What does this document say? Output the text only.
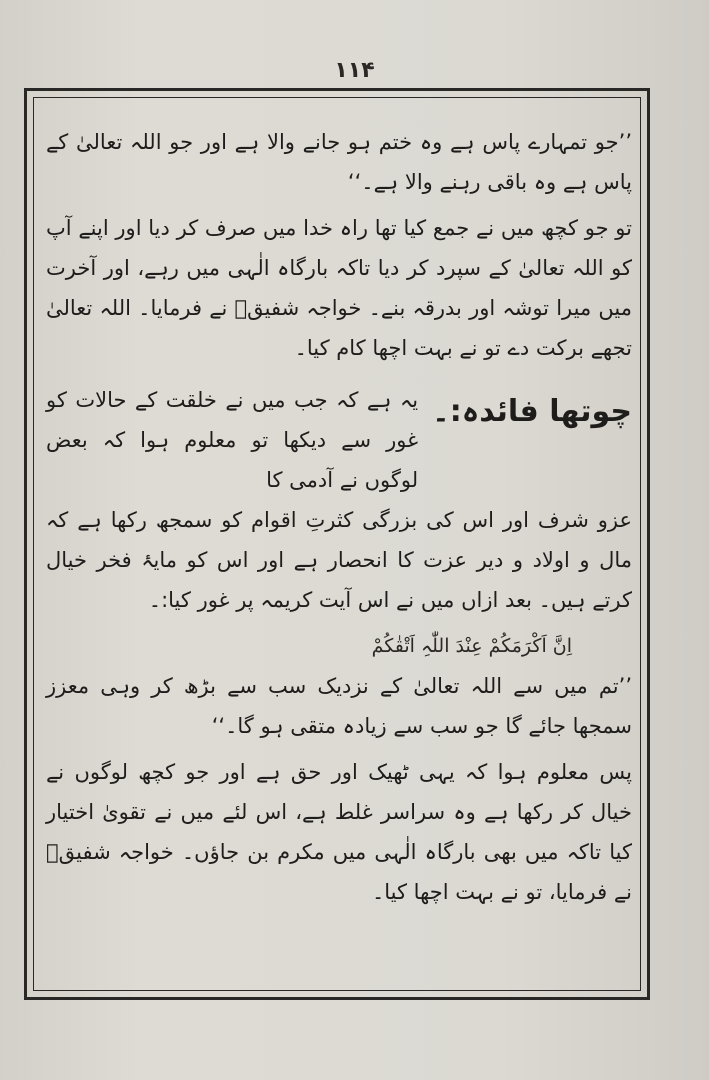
۱۱۴

’’جو تمہارے پاس ہے وہ ختم ہو جانے والا ہے اور جو اللہ تعالیٰ کے پاس ہے وہ باقی رہنے والا ہے۔‘‘

تو جو کچھ میں نے جمع کیا تھا راہ خدا میں صرف کر دیا اور اپنے آپ کو اللہ تعالیٰ کے سپرد کر دیا تاکہ بارگاہ الٰہی میں رہے، اور آخرت میں میرا توشہ اور بدرقہ بنے۔ خواجہ شفیقؒ نے فرمایا۔ اللہ تعالیٰ تجھے برکت دے تو نے بہت اچھا کام کیا۔

چوتھا فائدہ:۔
یہ ہے کہ جب میں نے خلقت کے حالات کو غور سے دیکھا تو معلوم ہوا کہ بعض لوگوں نے آدمی کا

عزو شرف اور اس کی بزرگی کثرتِ اقوام کو سمجھ رکھا ہے کہ مال و اولاد و دیر عزت کا انحصار ہے اور اس کو مایۂ فخر خیال کرتے ہیں۔ بعد ازاں میں نے اس آیت کریمہ پر غور کیا:۔

اِنَّ اَکْرَمَکُمْ عِنْدَ اللّٰہِ اَتْقٰکُمْ

’’تم میں سے اللہ تعالیٰ کے نزدیک سب سے بڑھ کر وہی معزز سمجھا جائے گا جو سب سے زیادہ متقی ہو گا۔‘‘

پس معلوم ہوا کہ یہی ٹھیک اور حق ہے اور جو کچھ لوگوں نے خیال کر رکھا ہے وہ سراسر غلط ہے، اس لئے میں نے تقویٰ اختیار کیا تاکہ میں بھی بارگاہ الٰہی میں مکرم بن جاؤں۔ خواجہ شفیقؒ نے فرمایا، تو نے بہت اچھا کیا۔
